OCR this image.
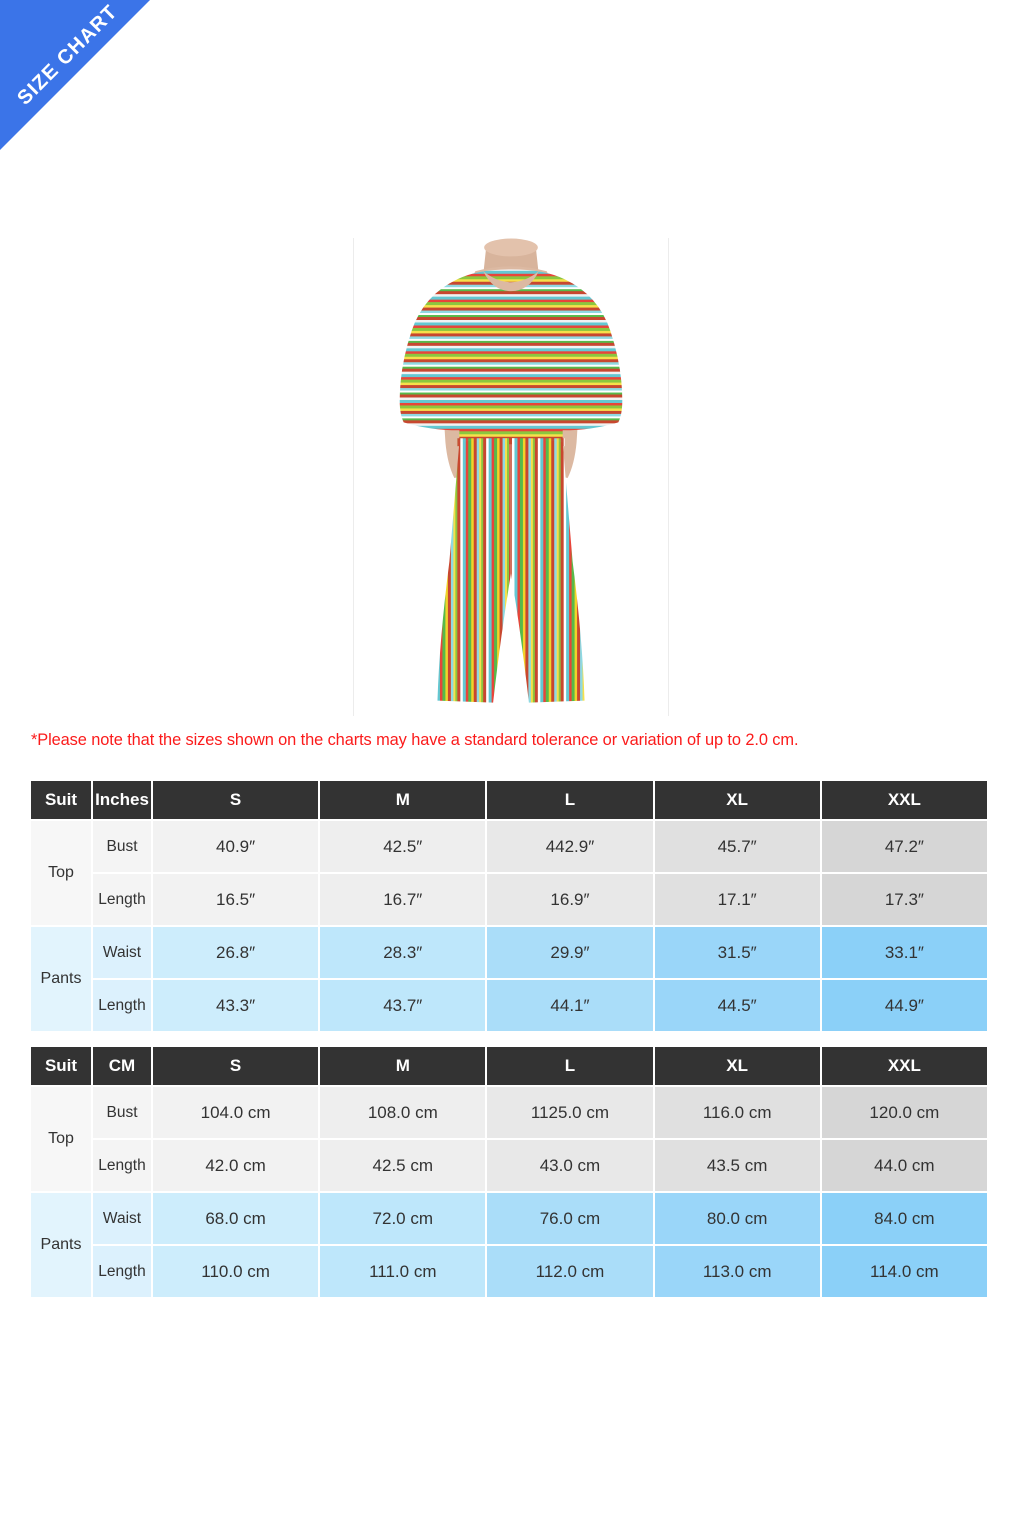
SIZE CHART
*Please note that the sizes shown on the charts may have a standard tolerance or variation of up to 2.0 cm.
Suit	Inches	S	M	L	XL	XXL
Top	Bust	40.9″	42.5″	442.9″	45.7″	47.2″
	Length	16.5″	16.7″	16.9″	17.1″	17.3″
Pants	Waist	26.8″	28.3″	29.9″	31.5″	33.1″
	Length	43.3″	43.7″	44.1″	44.5″	44.9″
Suit	CM	S	M	L	XL	XXL
Top	Bust	104.0 cm	108.0 cm	1125.0 cm	116.0 cm	120.0 cm
	Length	42.0 cm	42.5 cm	43.0 cm	43.5 cm	44.0 cm
Pants	Waist	68.0 cm	72.0 cm	76.0 cm	80.0 cm	84.0 cm
	Length	110.0 cm	111.0 cm	112.0 cm	113.0 cm	114.0 cm
